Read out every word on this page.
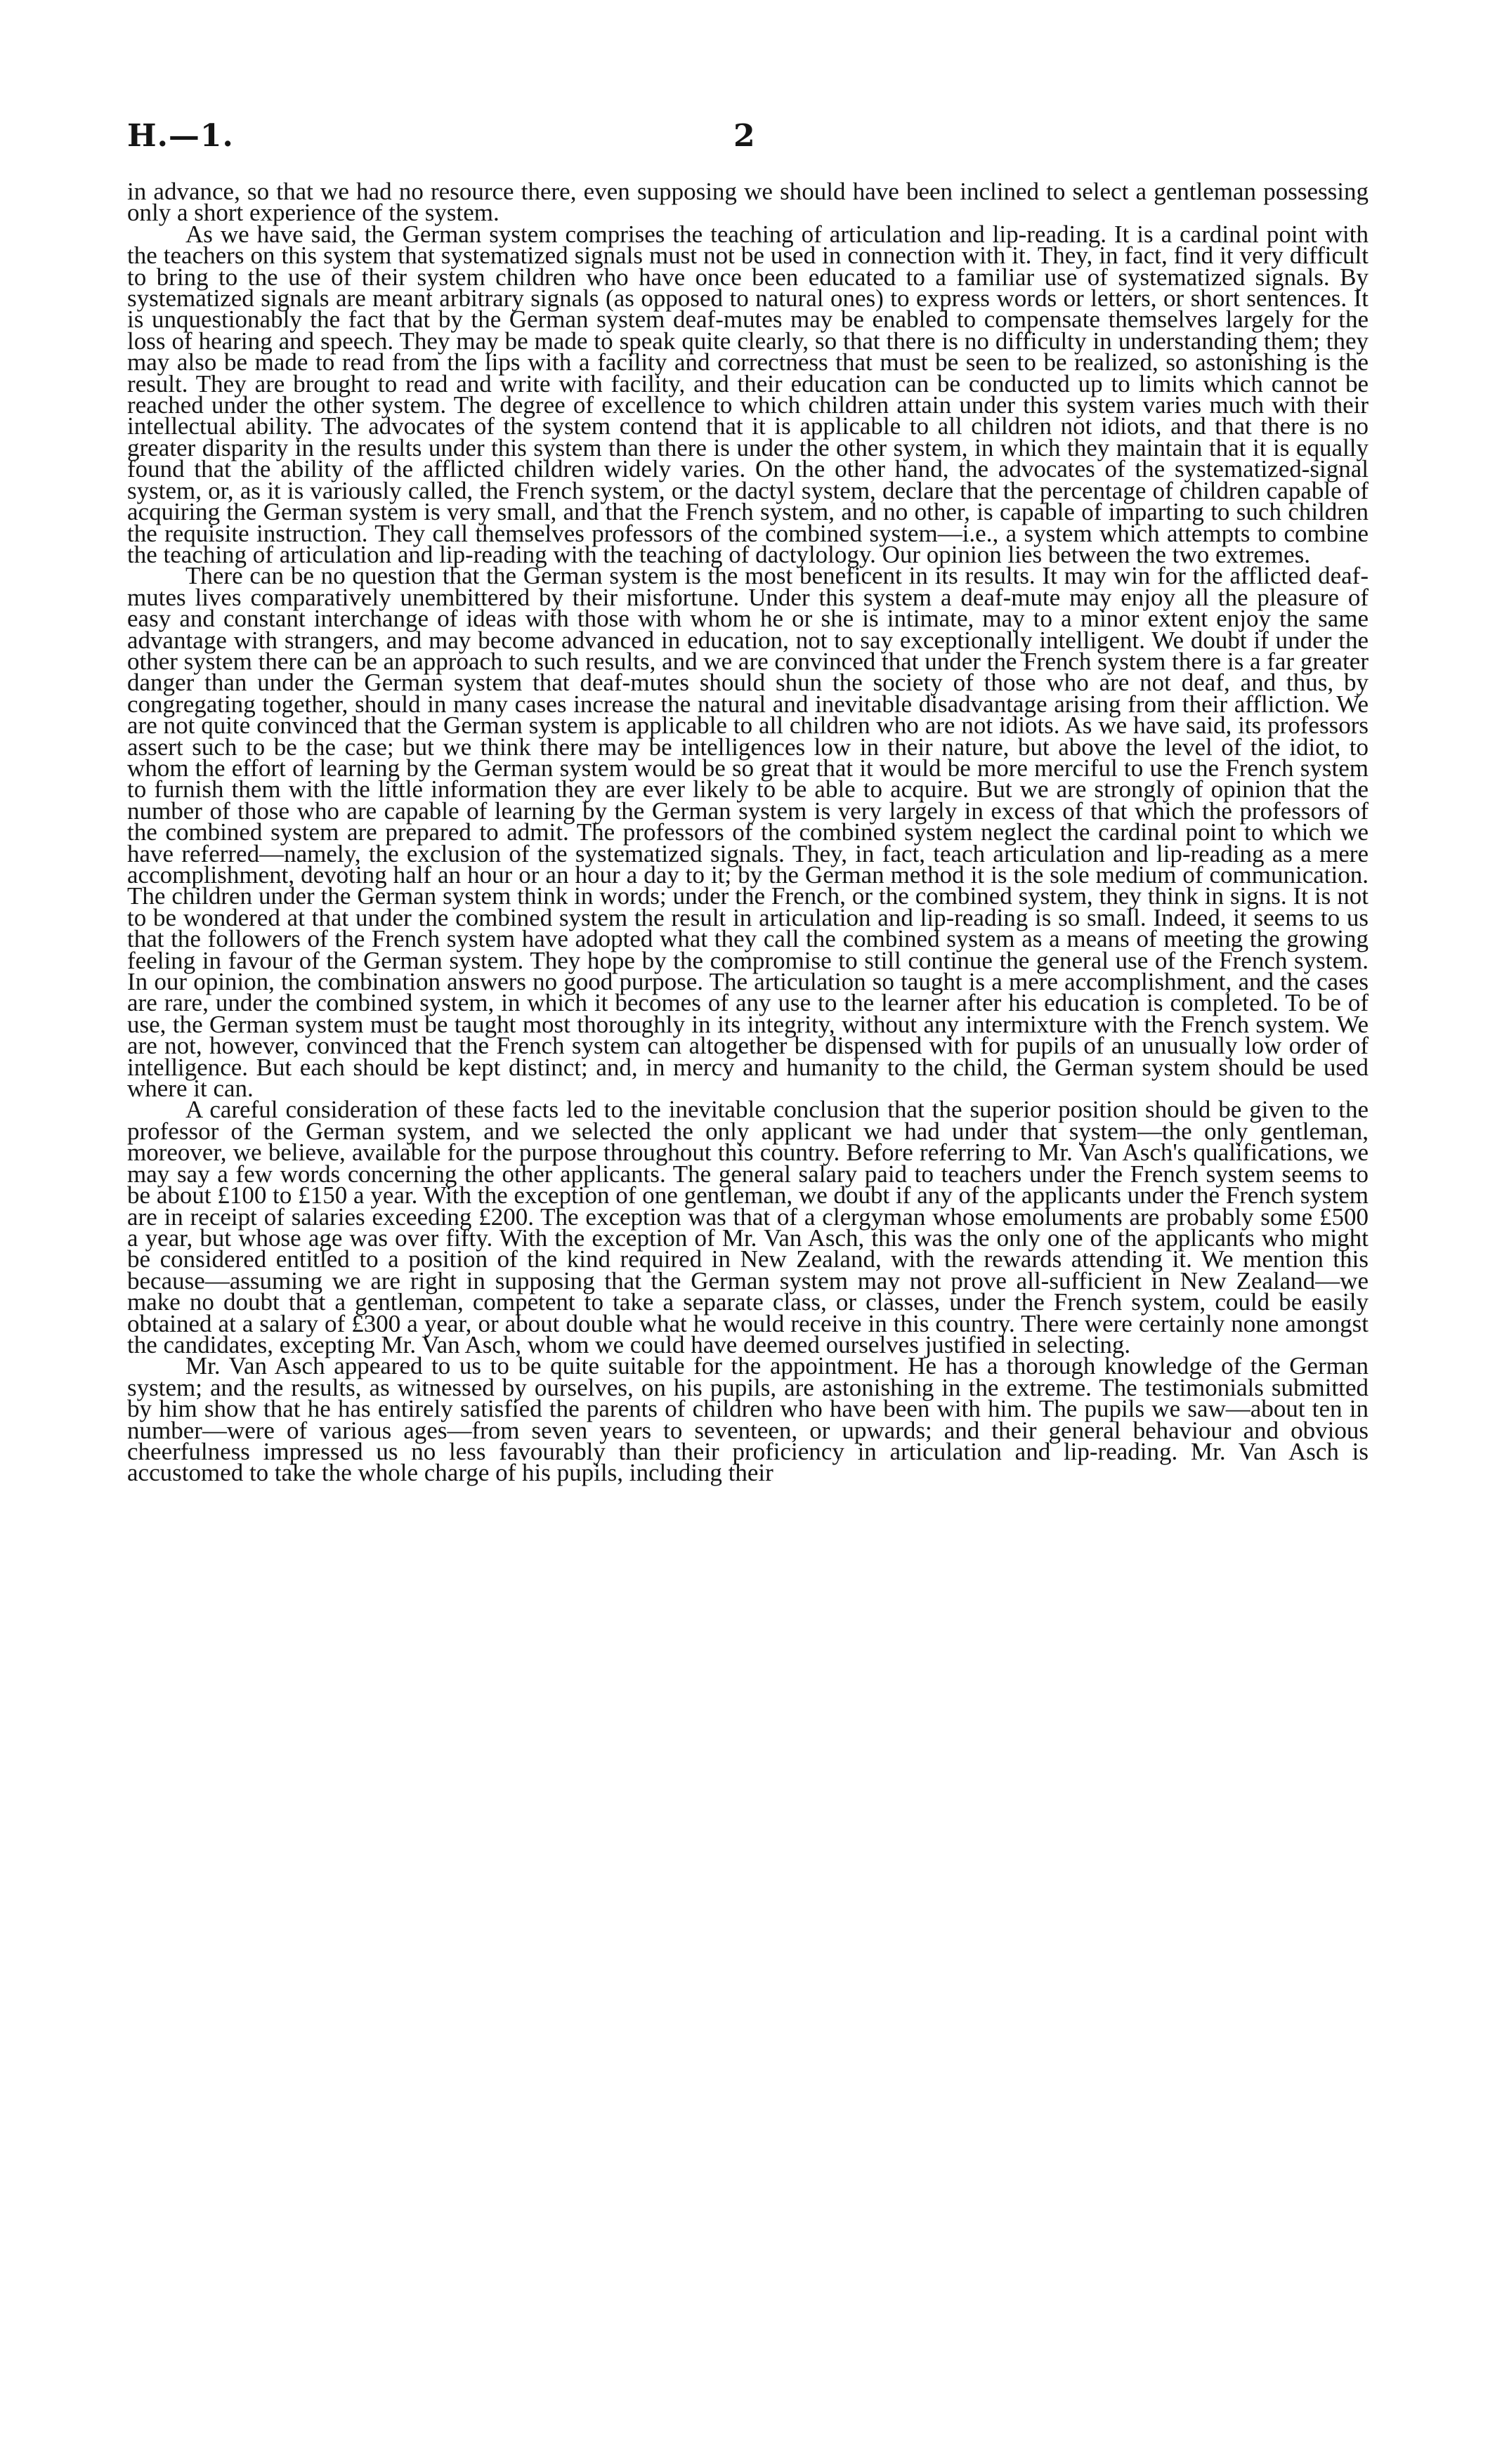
H.—1.	2

in advance, so that we had no resource there, even supposing we should have been inclined to select a gentleman possessing only a short experience of the system.

As we have said, the German system comprises the teaching of articulation and lip-reading. It is a cardinal point with the teachers on this system that systematized signals must not be used in connection with it. They, in fact, find it very difficult to bring to the use of their system children who have once been educated to a familiar use of systematized signals. By systematized signals are meant arbitrary signals (as opposed to natural ones) to express words or letters, or short sentences. It is unquestionably the fact that by the German system deaf-mutes may be enabled to compensate themselves largely for the loss of hearing and speech. They may be made to speak quite clearly, so that there is no difficulty in understanding them; they may also be made to read from the lips with a facility and correctness that must be seen to be realized, so astonishing is the result. They are brought to read and write with facility, and their education can be conducted up to limits which cannot be reached under the other system. The degree of excellence to which children attain under this system varies much with their intellectual ability. The advocates of the system contend that it is applicable to all children not idiots, and that there is no greater disparity in the results under this system than there is under the other system, in which they maintain that it is equally found that the ability of the afflicted children widely varies. On the other hand, the advocates of the systematized-signal system, or, as it is variously called, the French system, or the dactyl system, declare that the percentage of children capable of acquiring the German system is very small, and that the French system, and no other, is capable of imparting to such children the requisite instruction. They call themselves professors of the combined system—i.e., a system which attempts to combine the teaching of articulation and lip-reading with the teaching of dactylology. Our opinion lies between the two extremes.

There can be no question that the German system is the most beneficent in its results. It may win for the afflicted deaf-mutes lives comparatively unembittered by their misfortune. Under this system a deaf-mute may enjoy all the pleasure of easy and constant interchange of ideas with those with whom he or she is intimate, may to a minor extent enjoy the same advantage with strangers, and may become advanced in education, not to say exceptionally intelligent. We doubt if under the other system there can be an approach to such results, and we are convinced that under the French system there is a far greater danger than under the German system that deaf-mutes should shun the society of those who are not deaf, and thus, by congregating together, should in many cases increase the natural and inevitable disadvantage arising from their affliction. We are not quite convinced that the German system is applicable to all children who are not idiots. As we have said, its professors assert such to be the case; but we think there may be intelligences low in their nature, but above the level of the idiot, to whom the effort of learning by the German system would be so great that it would be more merciful to use the French system to furnish them with the little information they are ever likely to be able to acquire. But we are strongly of opinion that the number of those who are capable of learning by the German system is very largely in excess of that which the professors of the combined system are prepared to admit. The professors of the combined system neglect the cardinal point to which we have referred—namely, the exclusion of the systematized signals. They, in fact, teach articulation and lip-reading as a mere accomplishment, devoting half an hour or an hour a day to it; by the German method it is the sole medium of communication. The children under the German system think in words; under the French, or the combined system, they think in signs. It is not to be wondered at that under the combined system the result in articulation and lip-reading is so small. Indeed, it seems to us that the followers of the French system have adopted what they call the combined system as a means of meeting the growing feeling in favour of the German system. They hope by the compromise to still continue the general use of the French system. In our opinion, the combination answers no good purpose. The articulation so taught is a mere accomplishment, and the cases are rare, under the combined system, in which it becomes of any use to the learner after his education is completed. To be of use, the German system must be taught most thoroughly in its integrity, without any intermixture with the French system. We are not, however, convinced that the French system can altogether be dispensed with for pupils of an unusually low order of intelligence. But each should be kept distinct; and, in mercy and humanity to the child, the German system should be used where it can.

A careful consideration of these facts led to the inevitable conclusion that the superior position should be given to the professor of the German system, and we selected the only applicant we had under that system—the only gentleman, moreover, we believe, available for the purpose throughout this country. Before referring to Mr. Van Asch's qualifications, we may say a few words concerning the other applicants. The general salary paid to teachers under the French system seems to be about £100 to £150 a year. With the exception of one gentleman, we doubt if any of the applicants under the French system are in receipt of salaries exceeding £200. The exception was that of a clergyman whose emoluments are probably some £500 a year, but whose age was over fifty. With the exception of Mr. Van Asch, this was the only one of the applicants who might be considered entitled to a position of the kind required in New Zealand, with the rewards attending it. We mention this because—assuming we are right in supposing that the German system may not prove all-sufficient in New Zealand—we make no doubt that a gentleman, competent to take a separate class, or classes, under the French system, could be easily obtained at a salary of £300 a year, or about double what he would receive in this country. There were certainly none amongst the candidates, excepting Mr. Van Asch, whom we could have deemed ourselves justified in selecting.

Mr. Van Asch appeared to us to be quite suitable for the appointment. He has a thorough knowledge of the German system; and the results, as witnessed by ourselves, on his pupils, are astonishing in the extreme. The testimonials submitted by him show that he has entirely satisfied the parents of children who have been with him. The pupils we saw—about ten in number—were of various ages—from seven years to seventeen, or upwards; and their general behaviour and obvious cheerfulness impressed us no less favourably than their proficiency in articulation and lip-reading. Mr. Van Asch is accustomed to take the whole charge of his pupils, including their
